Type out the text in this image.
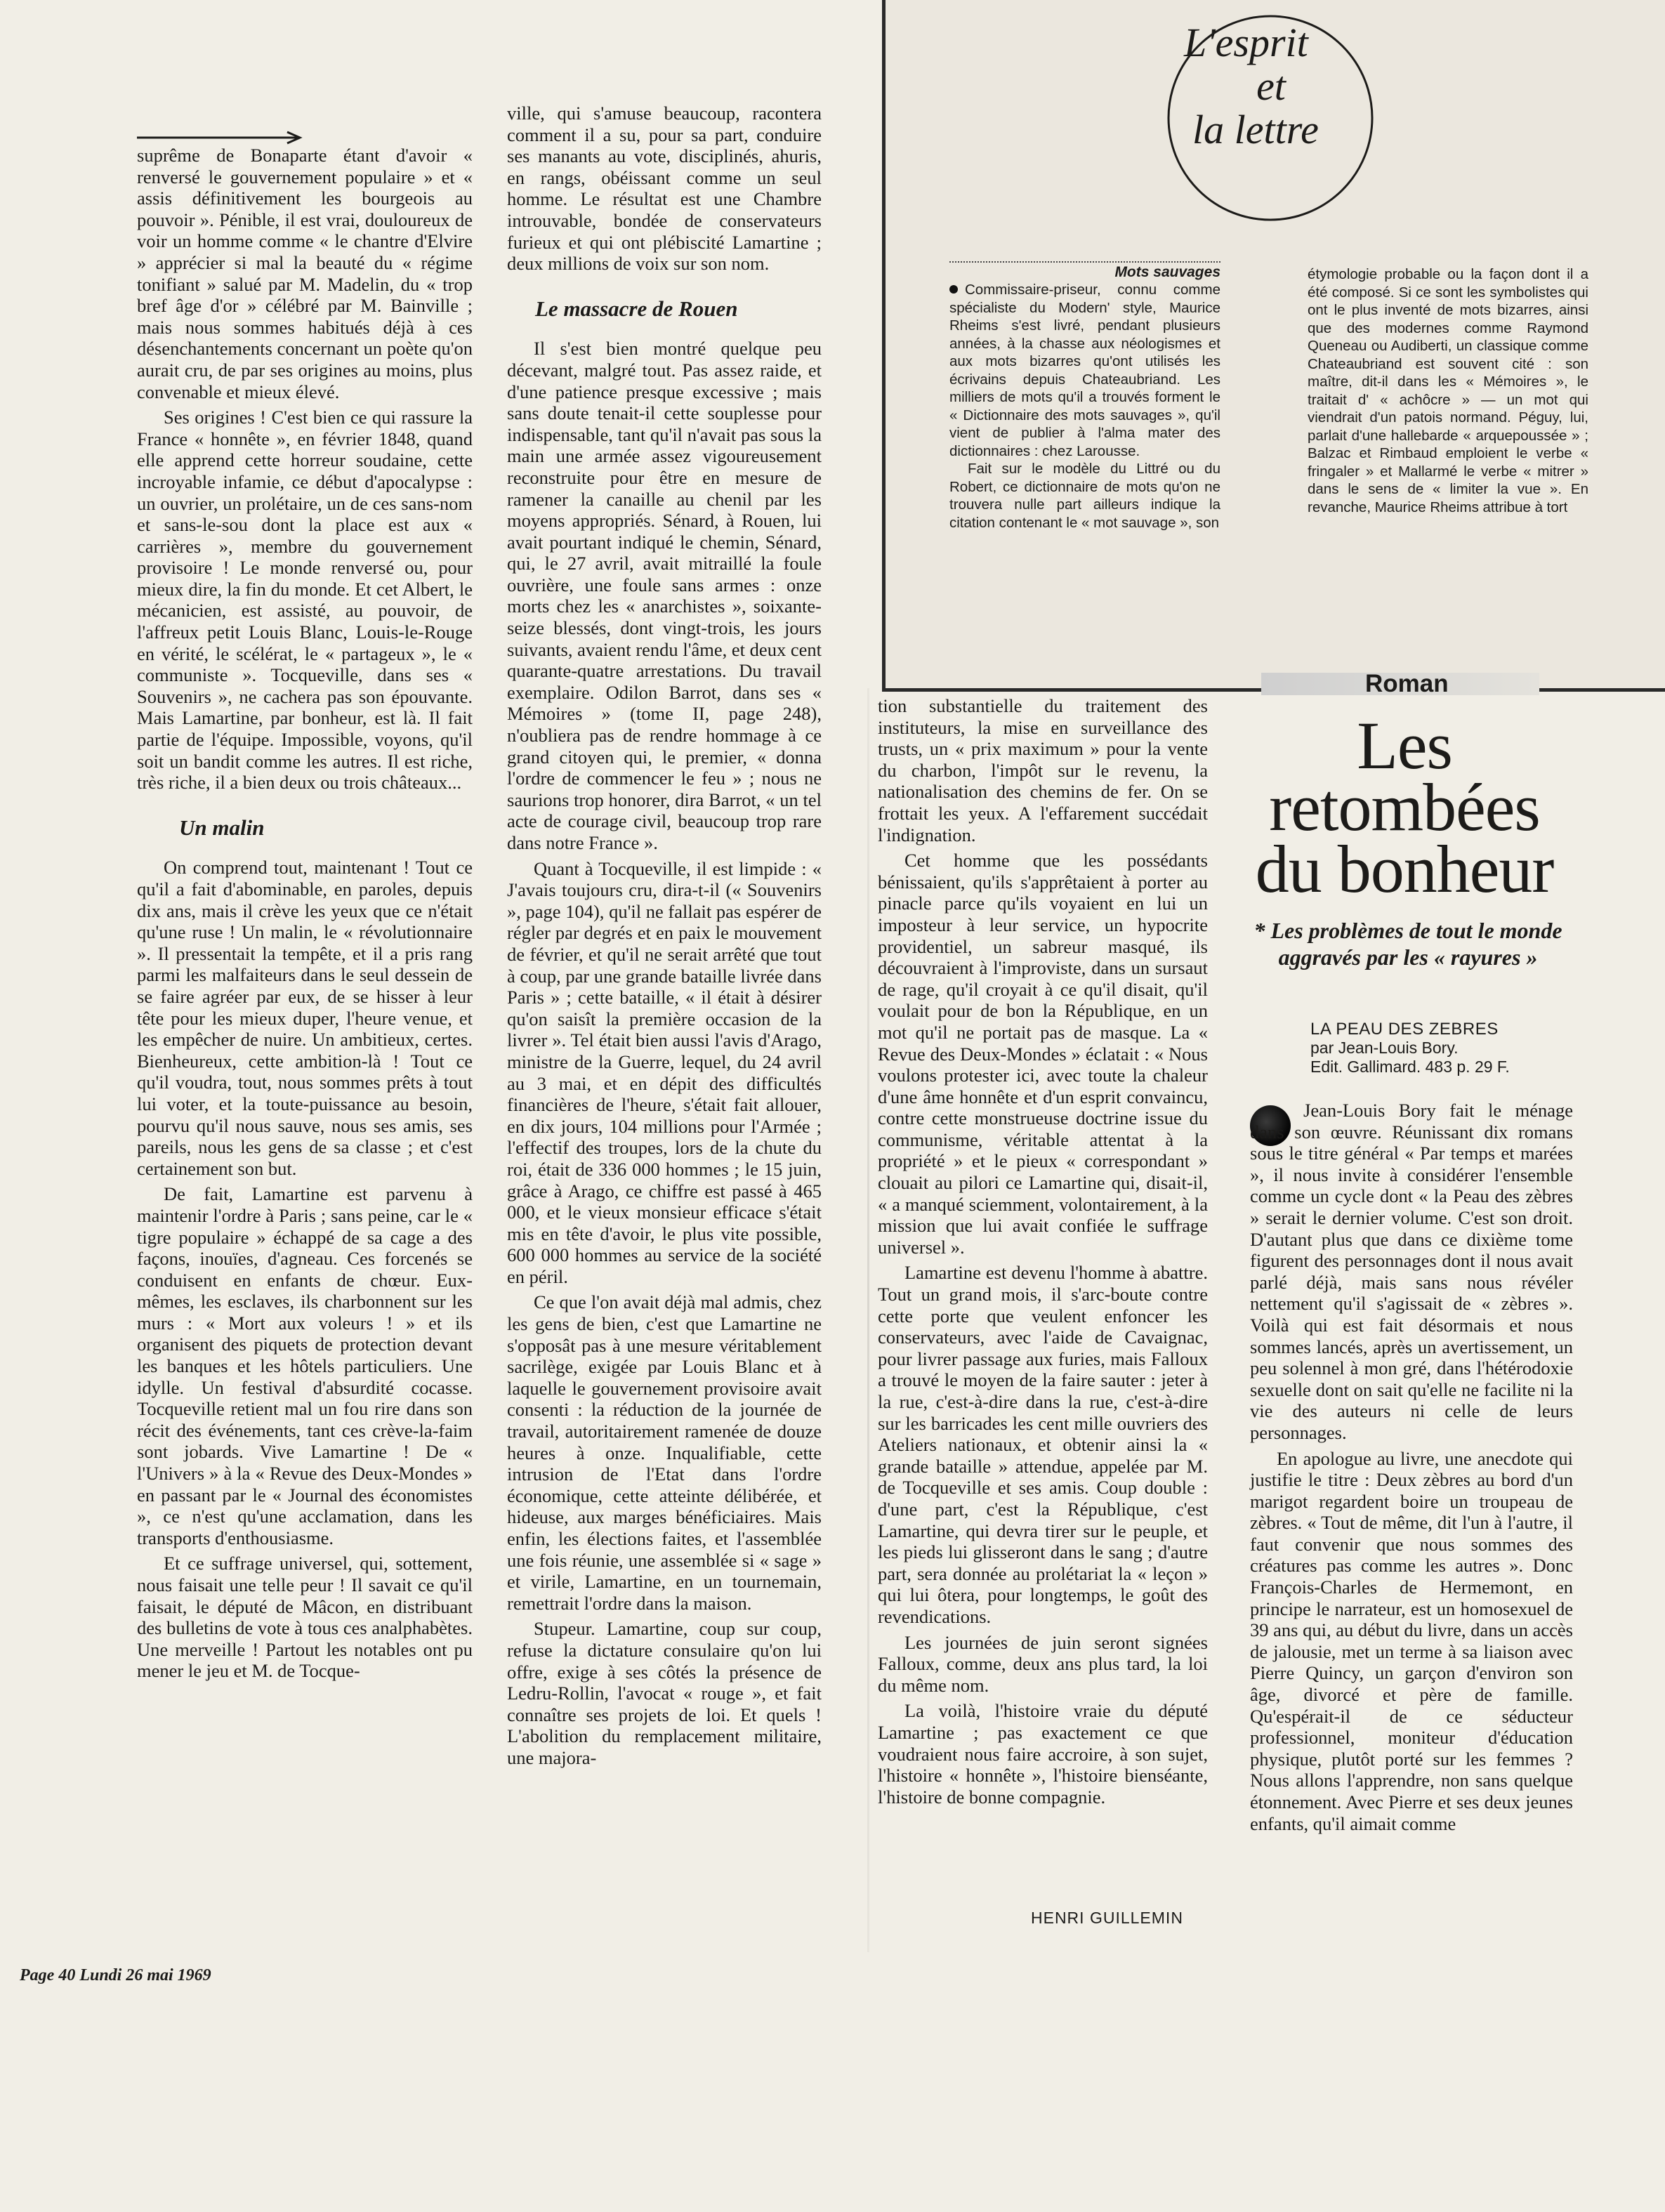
suprême de Bonaparte étant d'avoir « renversé le gouvernement populaire » et « assis définitivement les bourgeois au pouvoir ». Pénible, il est vrai, douloureux de voir un homme comme « le chantre d'Elvire » apprécier si mal la beauté du « régime tonifiant » salué par M. Madelin, du « trop bref âge d'or » célébré par M. Bainville ; mais nous sommes habitués déjà à ces désenchantements concernant un poète qu'on aurait cru, de par ses origines au moins, plus convenable et mieux élevé.

Ses origines ! C'est bien ce qui rassure la France « honnête », en février 1848, quand elle apprend cette horreur soudaine, cette incroyable infamie, ce début d'apocalypse : un ouvrier, un prolétaire, un de ces sans-nom et sans-le-sou dont la place est aux « carrières », membre du gouvernement provisoire ! Le monde renversé ou, pour mieux dire, la fin du monde. Et cet Albert, le mécanicien, est assisté, au pouvoir, de l'affreux petit Louis Blanc, Louis-le-Rouge en vérité, le scélérat, le « partageux », le « communiste ». Tocqueville, dans ses « Souvenirs », ne cachera pas son épouvante. Mais Lamartine, par bonheur, est là. Il fait partie de l'équipe. Impossible, voyons, qu'il soit un bandit comme les autres. Il est riche, très riche, il a bien deux ou trois châteaux...

Un malin

On comprend tout, maintenant ! Tout ce qu'il a fait d'abominable, en paroles, depuis dix ans, mais il crève les yeux que ce n'était qu'une ruse ! Un malin, le « révolutionnaire ». Il pressentait la tempête, et il a pris rang parmi les malfaiteurs dans le seul dessein de se faire agréer par eux, de se hisser à leur tête pour les mieux duper, l'heure venue, et les empêcher de nuire. Un ambitieux, certes. Bienheureux, cette ambition-là ! Tout ce qu'il voudra, tout, nous sommes prêts à tout lui voter, et la toute-puissance au besoin, pourvu qu'il nous sauve, nous ses amis, ses pareils, nous les gens de sa classe ; et c'est certainement son but.

De fait, Lamartine est parvenu à maintenir l'ordre à Paris ; sans peine, car le « tigre populaire » échappé de sa cage a des façons, inouïes, d'agneau. Ces forcenés se conduisent en enfants de chœur. Eux-mêmes, les esclaves, ils charbonnent sur les murs : « Mort aux voleurs ! » et ils organisent des piquets de protection devant les banques et les hôtels particuliers. Une idylle. Un festival d'absurdité cocasse. Tocqueville retient mal un fou rire dans son récit des événements, tant ces crève-la-faim sont jobards. Vive Lamartine ! De « l'Univers » à la « Revue des Deux-Mondes » en passant par le « Journal des économistes », ce n'est qu'une acclamation, dans les transports d'enthousiasme.

Et ce suffrage universel, qui, sottement, nous faisait une telle peur ! Il savait ce qu'il faisait, le député de Mâcon, en distribuant des bulletins de vote à tous ces analphabètes. Une merveille ! Partout les notables ont pu mener le jeu et M. de Tocque-

ville, qui s'amuse beaucoup, racontera comment il a su, pour sa part, conduire ses manants au vote, disciplinés, ahuris, en rangs, obéissant comme un seul homme. Le résultat est une Chambre introuvable, bondée de conservateurs furieux et qui ont plébiscité Lamartine ; deux millions de voix sur son nom.

Le massacre de Rouen

Il s'est bien montré quelque peu décevant, malgré tout. Pas assez raide, et d'une patience presque excessive ; mais sans doute tenait-il cette souplesse pour indispensable, tant qu'il n'avait pas sous la main une armée assez vigoureusement reconstruite pour être en mesure de ramener la canaille au chenil par les moyens appropriés. Sénard, à Rouen, lui avait pourtant indiqué le chemin, Sénard, qui, le 27 avril, avait mitraillé la foule ouvrière, une foule sans armes : onze morts chez les « anarchistes », soixante-seize blessés, dont vingt-trois, les jours suivants, avaient rendu l'âme, et deux cent quarante-quatre arrestations. Du travail exemplaire. Odilon Barrot, dans ses « Mémoires » (tome II, page 248), n'oubliera pas de rendre hommage à ce grand citoyen qui, le premier, « donna l'ordre de commencer le feu » ; nous ne saurions trop honorer, dira Barrot, « un tel acte de courage civil, beaucoup trop rare dans notre France ».

Quant à Tocqueville, il est limpide : « J'avais toujours cru, dira-t-il (« Souvenirs », page 104), qu'il ne fallait pas espérer de régler par degrés et en paix le mouvement de février, et qu'il ne serait arrêté que tout à coup, par une grande bataille livrée dans Paris » ; cette bataille, « il était à désirer qu'on saisît la première occasion de la livrer ». Tel était bien aussi l'avis d'Arago, ministre de la Guerre, lequel, du 24 avril au 3 mai, et en dépit des difficultés financières de l'heure, s'était fait allouer, en dix jours, 104 millions pour l'Armée ; l'effectif des troupes, lors de la chute du roi, était de 336 000 hommes ; le 15 juin, grâce à Arago, ce chiffre est passé à 465 000, et le vieux monsieur efficace s'était mis en tête d'avoir, le plus vite possible, 600 000 hommes au service de la société en péril.

Ce que l'on avait déjà mal admis, chez les gens de bien, c'est que Lamartine ne s'opposât pas à une mesure véritablement sacrilège, exigée par Louis Blanc et à laquelle le gouvernement provisoire avait consenti : la réduction de la journée de travail, autoritairement ramenée de douze heures à onze. Inqualifiable, cette intrusion de l'Etat dans l'ordre économique, cette atteinte délibérée, et hideuse, aux marges bénéficiaires. Mais enfin, les élections faites, et l'assemblée une fois réunie, une assemblée si « sage » et virile, Lamartine, en un tournemain, remettrait l'ordre dans la maison.

Stupeur. Lamartine, coup sur coup, refuse la dictature consulaire qu'on lui offre, exige à ses côtés la présence de Ledru-Rollin, l'avocat « rouge », et fait connaître ses projets de loi. Et quels ! L'abolition du remplacement militaire, une majora-

tion substantielle du traitement des instituteurs, la mise en surveillance des trusts, un « prix maximum » pour la vente du charbon, l'impôt sur le revenu, la nationalisation des chemins de fer. On se frottait les yeux. A l'effarement succédait l'indignation.

Cet homme que les possédants bénissaient, qu'ils s'apprêtaient à porter au pinacle parce qu'ils voyaient en lui un imposteur à leur service, un hypocrite providentiel, un sabreur masqué, ils découvraient à l'improviste, dans un sursaut de rage, qu'il croyait à ce qu'il disait, qu'il voulait pour de bon la République, en un mot qu'il ne portait pas de masque. La « Revue des Deux-Mondes » éclatait : « Nous voulons protester ici, avec toute la chaleur d'une âme honnête et d'un esprit convaincu, contre cette monstrueuse doctrine issue du communisme, véritable attentat à la propriété » et le pieux « correspondant » clouait au pilori ce Lamartine qui, disait-il, « a manqué sciemment, volontairement, à la mission que lui avait confiée le suffrage universel ».

Lamartine est devenu l'homme à abattre. Tout un grand mois, il s'arc-boute contre cette porte que veulent enfoncer les conservateurs, avec l'aide de Cavaignac, pour livrer passage aux furies, mais Falloux a trouvé le moyen de la faire sauter : jeter à la rue, c'est-à-dire dans la rue, c'est-à-dire sur les barricades les cent mille ouvriers des Ateliers nationaux, et obtenir ainsi la « grande bataille » attendue, appelée par M. de Tocqueville et ses amis. Coup double : d'une part, c'est la République, c'est Lamartine, qui devra tirer sur le peuple, et les pieds lui glisseront dans le sang ; d'autre part, sera donnée au prolétariat la « leçon » qui lui ôtera, pour longtemps, le goût des revendications.

Les journées de juin seront signées Falloux, comme, deux ans plus tard, la loi du même nom.

La voilà, l'histoire vraie du député Lamartine ; pas exactement ce que voudraient nous faire accroire, à son sujet, l'histoire « honnête », l'histoire bienséante, l'histoire de bonne compagnie.

HENRI GUILLEMIN
L'esprit
et
la lettre
Mots sauvages

Commissaire-priseur, connu comme spécialiste du Modern' style, Maurice Rheims s'est livré, pendant plusieurs années, à la chasse aux néologismes et aux mots bizarres qu'ont utilisés les écrivains depuis Chateaubriand. Les milliers de mots qu'il a trouvés forment le « Dictionnaire des mots sauvages », qu'il vient de publier à l'alma mater des dictionnaires : chez Larousse.

Fait sur le modèle du Littré ou du Robert, ce dictionnaire de mots qu'on ne trouvera nulle part ailleurs indique la citation contenant le « mot sauvage », son

étymologie probable ou la façon dont il a été composé. Si ce sont les symbolistes qui ont le plus inventé de mots bizarres, ainsi que des modernes comme Raymond Queneau ou Audiberti, un classique comme Chateaubriand est souvent cité : son maître, dit-il dans les « Mémoires », le traitait d' « achôcre » — un mot qui viendrait d'un patois normand. Péguy, lui, parlait d'une hallebarde « arquepoussée » ; Balzac et Rimbaud emploient le verbe « fringaler » et Mallarmé le verbe « mitrer » dans le sens de « limiter la vue ». En revanche, Maurice Rheims attribue à tort

Roman
Les retombées du bonheur
* Les problèmes de tout le monde aggravés par les « rayures »
LA PEAU DES ZEBRES
par Jean-Louis Bory.
Edit. Gallimard. 483 p. 29 F.

Jean-Louis Bory fait le ménage dans son œuvre. Réunissant dix romans sous le titre général « Par temps et marées », il nous invite à considérer l'ensemble comme un cycle dont « la Peau des zèbres » serait le dernier volume. C'est son droit. D'autant plus que dans ce dixième tome figurent des personnages dont il nous avait parlé déjà, mais sans nous révéler nettement qu'il s'agissait de « zèbres ». Voilà qui est fait désormais et nous sommes lancés, après un avertissement, un peu solennel à mon gré, dans l'hétérodoxie sexuelle dont on sait qu'elle ne facilite ni la vie des auteurs ni celle de leurs personnages.

En apologue au livre, une anecdote qui justifie le titre : Deux zèbres au bord d'un marigot regardent boire un troupeau de zèbres. « Tout de même, dit l'un à l'autre, il faut convenir que nous sommes des créatures pas comme les autres ». Donc François-Charles de Hermemont, en principe le narrateur, est un homosexuel de 39 ans qui, au début du livre, dans un accès de jalousie, met un terme à sa liaison avec Pierre Quincy, un garçon d'environ son âge, divorcé et père de famille. Qu'espérait-il de ce séducteur professionnel, moniteur d'éducation physique, plutôt porté sur les femmes ? Nous allons l'apprendre, non sans quelque étonnement. Avec Pierre et ses deux jeunes enfants, qu'il aimait comme

Page 40 Lundi 26 mai 1969
